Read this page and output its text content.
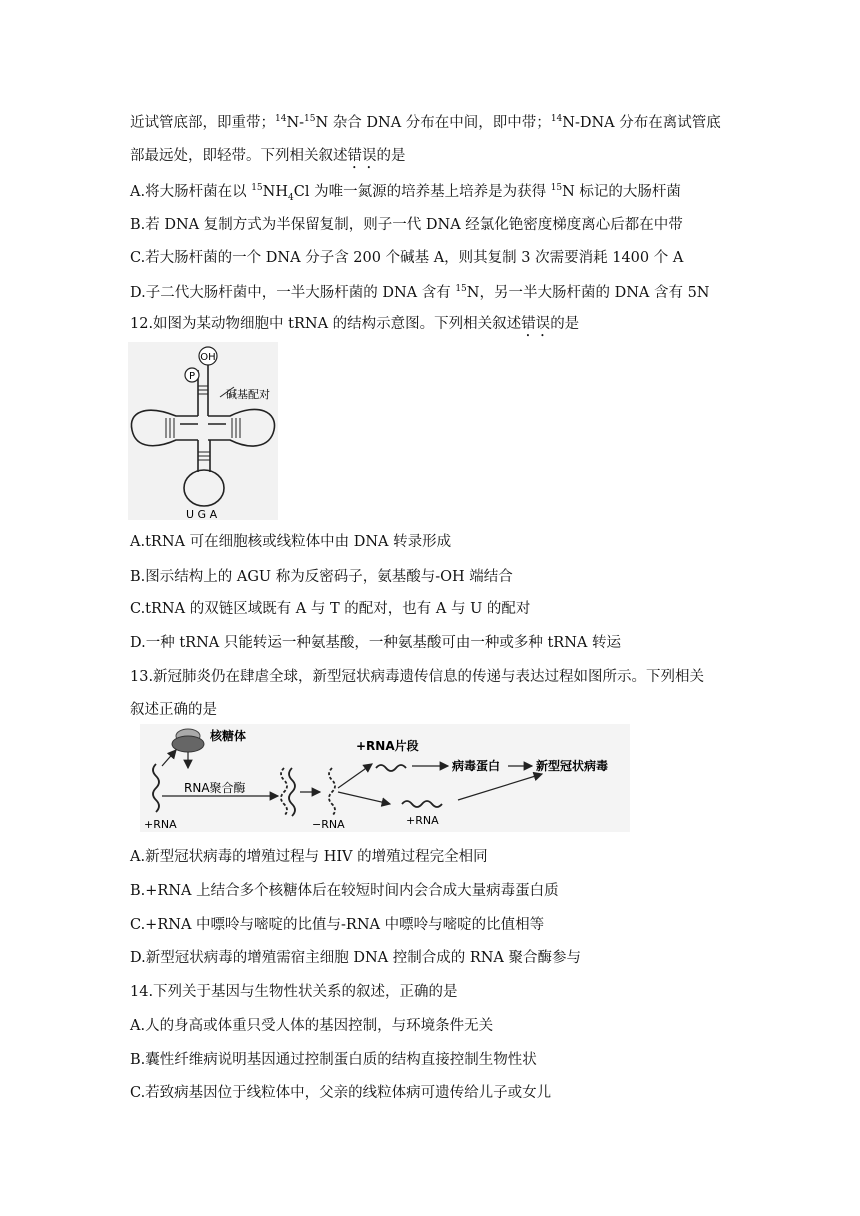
近试管底部，即重带；$^{14}$N-$^{15}$N 杂合 DNA 分布在中间，即中带；$^{14}$N-DNA 分布在离试管底
部最远处，即轻带。下列相关叙述错误的是
A.将大肠杆菌在以 $^{15}NH_4Cl$ 为唯一氮源的培养基上培养是为获得 $^{15}$N 标记的大肠杆菌
B.若 DNA 复制方式为半保留复制，则子一代 DNA 经氯化铯密度梯度离心后都在中带
C.若大肠杆菌的一个 DNA 分子含 200 个碱基 A，则其复制 3 次需要消耗 1400 个 A
D.子二代大肠杆菌中，一半大肠杆菌的 DNA 含有 $^{15}$N，另一半大肠杆菌的 DNA 含有 5N
12.如图为某动物细胞中 tRNA 的结构示意图。下列相关叙述错误的是
OH
P
碱基配对
U G A
A.tRNA 可在细胞核或线粒体中由 DNA 转录形成
B.图示结构上的 AGU 称为反密码子，氨基酸与-OH 端结合
C.tRNA 的双链区域既有 A 与 T 的配对，也有 A 与 U 的配对
D.一种 tRNA 只能转运一种氨基酸，一种氨基酸可由一种或多种 tRNA 转运
13.新冠肺炎仍在肆虐全球，新型冠状病毒遗传信息的传递与表达过程如图所示。下列相关
叙述正确的是
核糖体
+RNA
RNA聚合酶
−RNA
+RNA片段
病毒蛋白	新型冠状病毒
+RNA
A.新型冠状病毒的增殖过程与 HIV 的增殖过程完全相同
B.+RNA 上结合多个核糖体后在较短时间内会合成大量病毒蛋白质
C.+RNA 中嘌呤与嘧啶的比值与-RNA 中嘌呤与嘧啶的比值相等
D.新型冠状病毒的增殖需宿主细胞 DNA 控制合成的 RNA 聚合酶参与
14.下列关于基因与生物性状关系的叙述，正确的是
A.人的身高或体重只受人体的基因控制，与环境条件无关
B.囊性纤维病说明基因通过控制蛋白质的结构直接控制生物性状
C.若致病基因位于线粒体中，父亲的线粒体病可遗传给儿子或女儿
